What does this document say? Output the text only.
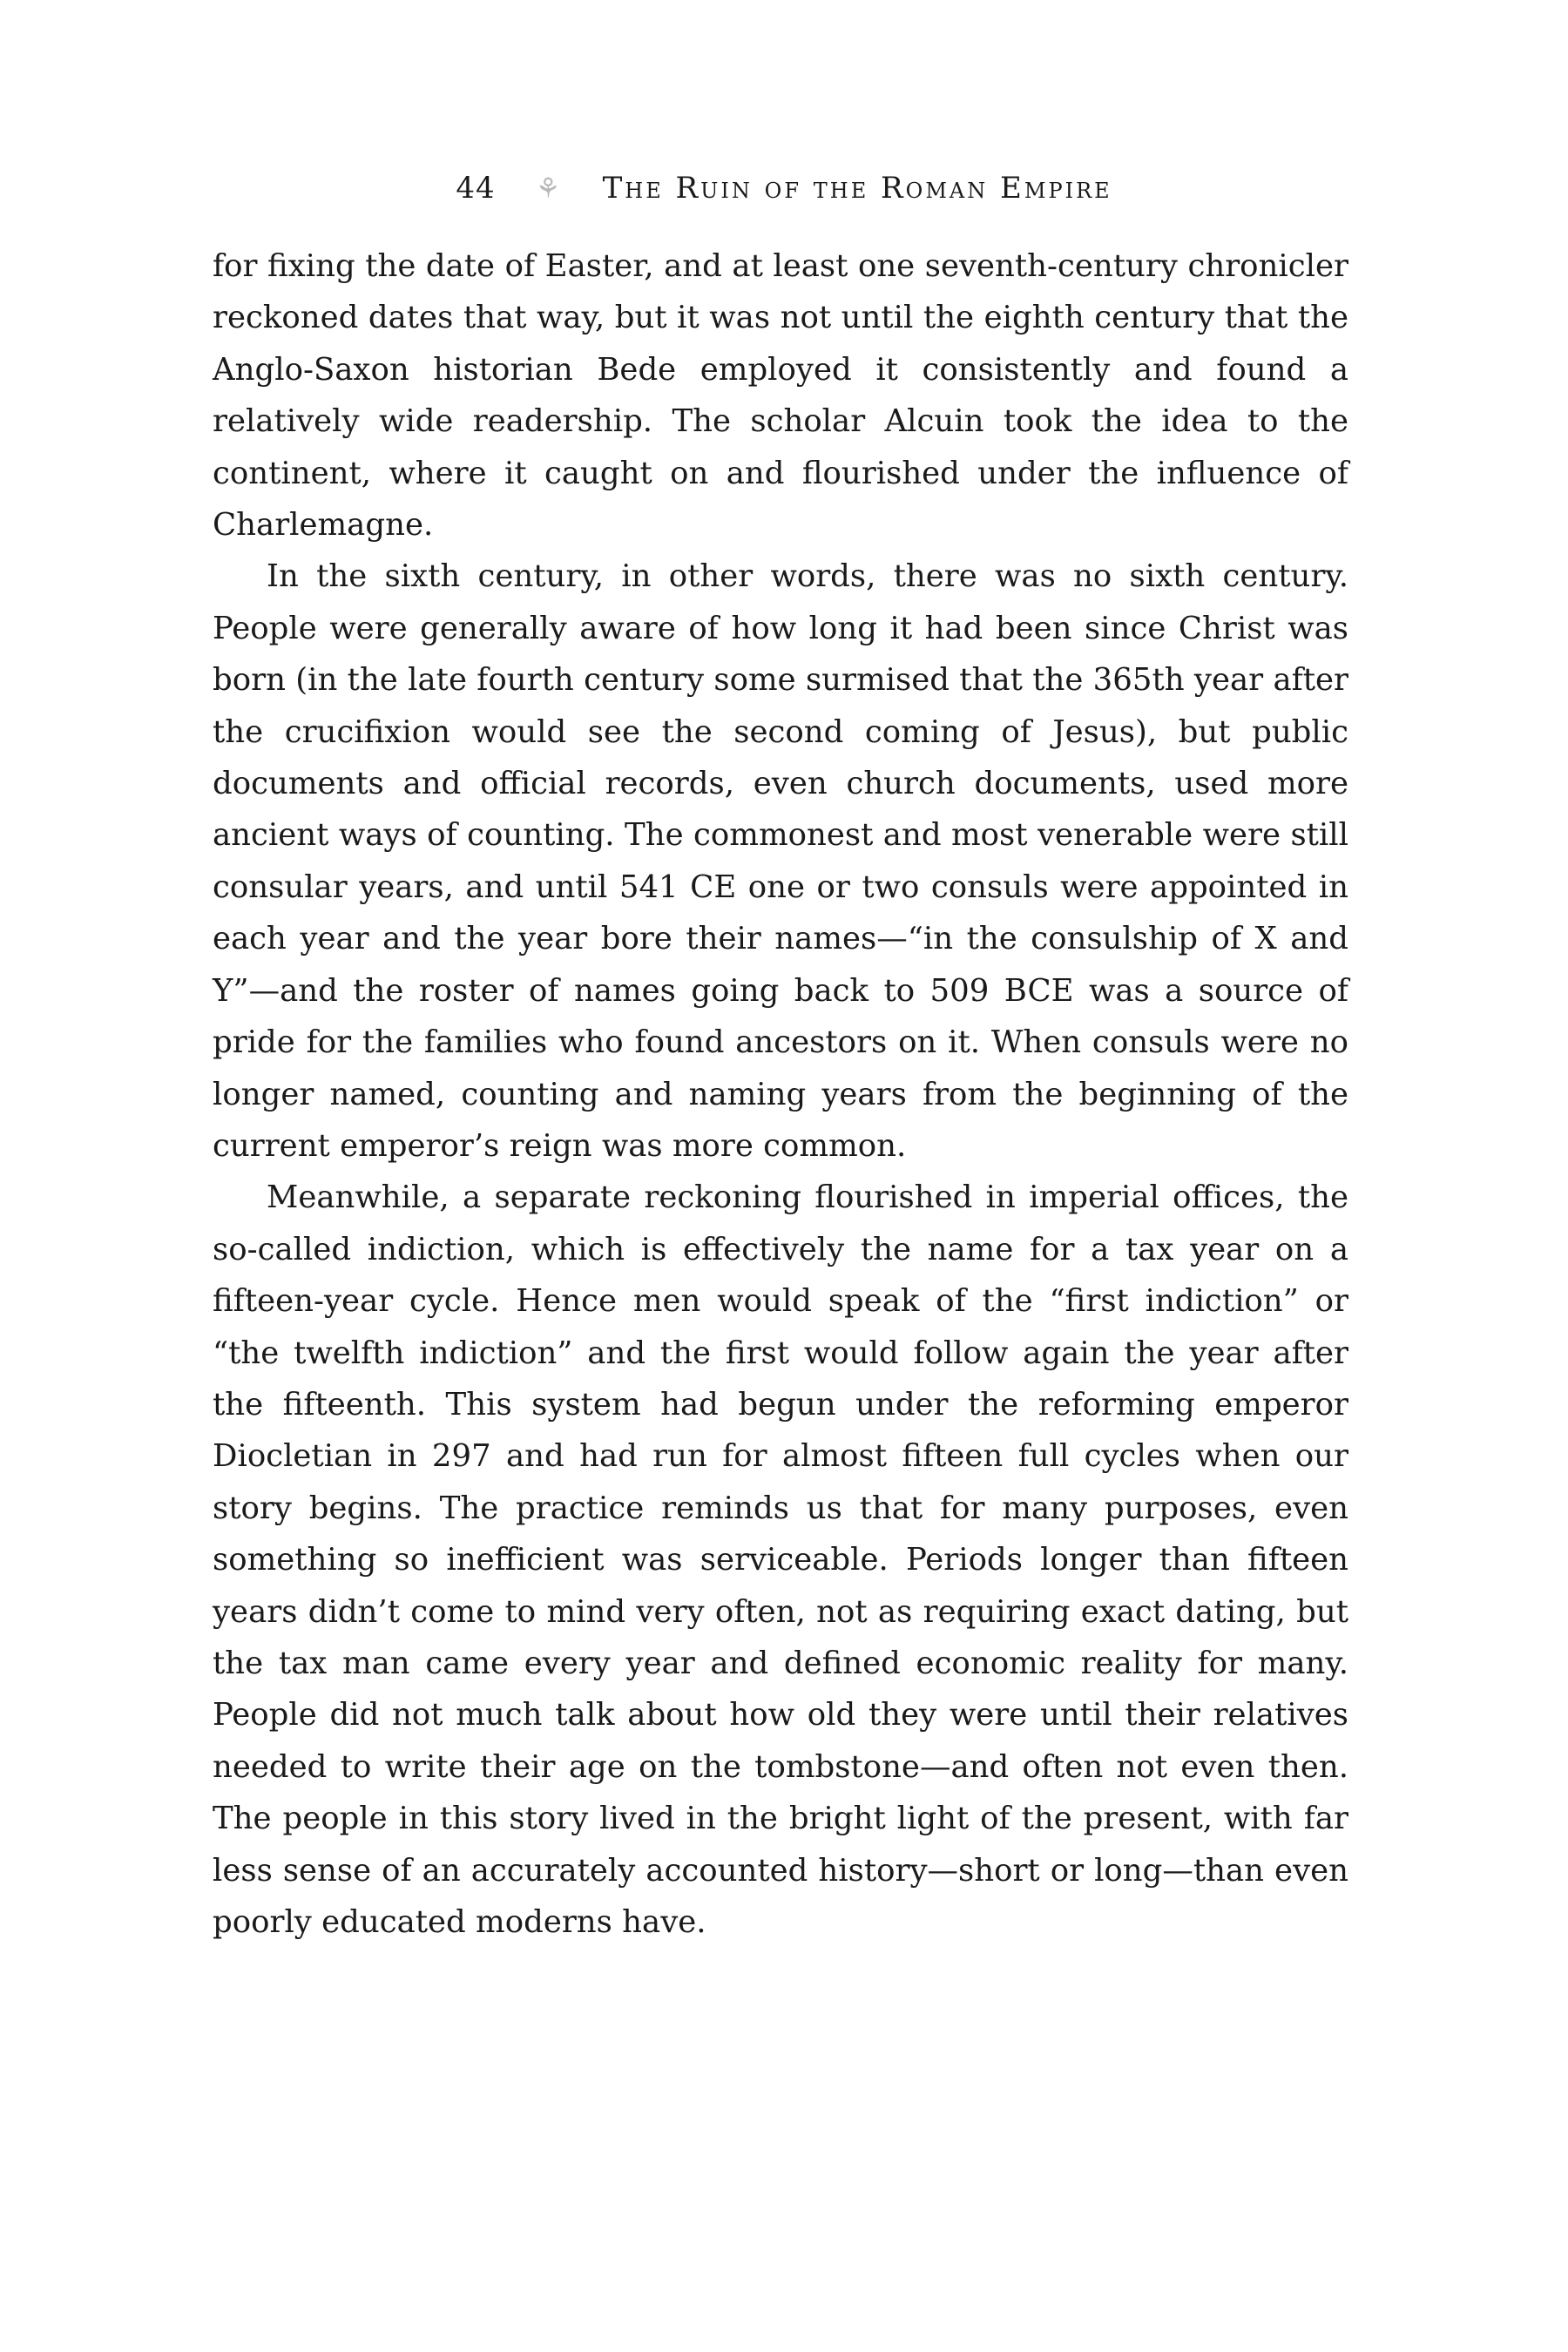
44 ⚘ The Ruin of the Roman Empire

for fixing the date of Easter, and at least one seventh-century chronicler reckoned dates that way, but it was not until the eighth century that the Anglo-Saxon historian Bede employed it consistently and found a relatively wide readership. The scholar Alcuin took the idea to the continent, where it caught on and flourished under the influence of Charlemagne.

In the sixth century, in other words, there was no sixth century. People were generally aware of how long it had been since Christ was born (in the late fourth century some surmised that the 365th year after the crucifixion would see the second coming of Jesus), but public documents and official records, even church documents, used more ancient ways of counting. The commonest and most venerable were still consular years, and until 541 CE one or two consuls were appointed in each year and the year bore their names—“in the consulship of X and Y”—and the roster of names going back to 509 BCE was a source of pride for the families who found ancestors on it. When consuls were no longer named, counting and naming years from the beginning of the current emperor’s reign was more common.

Meanwhile, a separate reckoning flourished in imperial offices, the so-called indiction, which is effectively the name for a tax year on a fifteen-year cycle. Hence men would speak of the “first indiction” or “the twelfth indiction” and the first would follow again the year after the fifteenth. This system had begun under the reforming emperor Diocletian in 297 and had run for almost fifteen full cycles when our story begins. The practice reminds us that for many purposes, even something so inefficient was serviceable. Periods longer than fifteen years didn’t come to mind very often, not as requiring exact dating, but the tax man came every year and defined economic reality for many. People did not much talk about how old they were until their relatives needed to write their age on the tombstone—and often not even then. The people in this story lived in the bright light of the present, with far less sense of an accurately accounted history—short or long—than even poorly educated moderns have.
